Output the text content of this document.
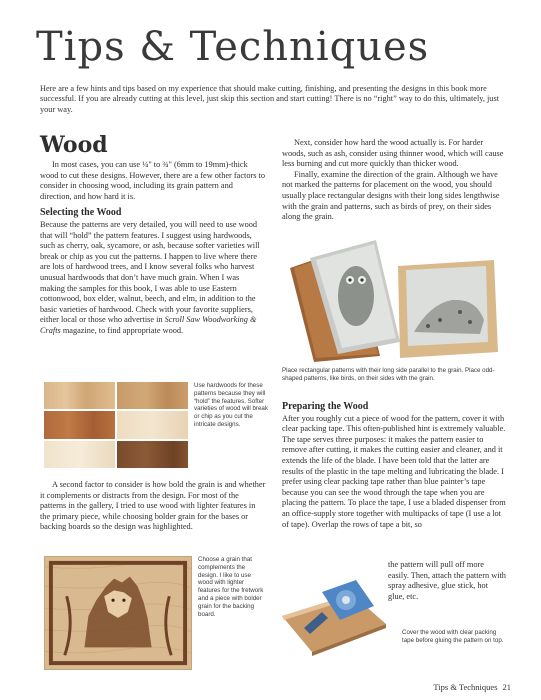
Tips & Techniques

Here are a few hints and tips based on my experience that should make cutting, finishing, and presenting the designs in this book more successful. If you are already cutting at this level, just skip this section and start cutting! There is no “right” way to do this, ultimately, just your way.

Wood

In most cases, you can use ¼" to ¾" (6mm to 19mm)-thick wood to cut these designs. However, there are a few other factors to consider in choosing wood, including its grain pattern and direction, and how hard it is.

Selecting the Wood

Because the patterns are very detailed, you will need to use wood that will “hold” the pattern features. I suggest using hardwoods, such as cherry, oak, sycamore, or ash, because softer varieties will break or chip as you cut the patterns. I happen to live where there are lots of hardwood trees, and I know several folks who harvest unusual hardwoods that don’t have much grain. When I was making the samples for this book, I was able to use Eastern cottonwood, box elder, walnut, beech, and elm, in addition to the basic varieties of hardwood. Check with your favorite suppliers, either local or those who advertise in Scroll Saw Woodworking & Crafts magazine, to find appropriate wood.

Use hardwoods for these patterns because they will “hold” the features. Softer varieties of wood will break or chip as you cut the intricate designs.

A second factor to consider is how bold the grain is and whether it complements or distracts from the design. For most of the patterns in the gallery, I tried to use wood with lighter features in the primary piece, while choosing bolder grain for the bases or backing boards so the design was highlighted.

Choose a grain that complements the design. I like to use wood with lighter features for the fretwork and a piece with bolder grain for the backing board.

Next, consider how hard the wood actually is. For harder woods, such as ash, consider using thinner wood, which will cause less burning and cut more quickly than thicker wood.

Finally, examine the direction of the grain. Although we have not marked the patterns for placement on the wood, you should usually place rectangular designs with their long sides lengthwise with the grain and patterns, such as birds of prey, on their sides along the grain.

Place rectangular patterns with their long side parallel to the grain. Place odd-shaped patterns, like birds, on their sides with the grain.

Preparing the Wood

After you roughly cut a piece of wood for the pattern, cover it with clear packing tape. This often-published hint is extremely valuable. The tape serves three purposes: it makes the pattern easier to remove after cutting, it makes the cutting easier and cleaner, and it extends the life of the blade. I have been told that the latter are results of the plastic in the tape melting and lubricating the blade. I prefer using clear packing tape rather than blue painter’s tape because you can see the wood through the tape when you are placing the pattern. To place the tape, I use a bladed dispenser from an office-supply store together with multipacks of tape (I use a lot of tape). Overlap the rows of tape a bit, so

the pattern will pull off more easily. Then, attach the pattern with spray adhesive, glue stick, hot glue, etc.

Cover the wood with clear packing tape before gluing the pattern on top.

Tips & Techniques 21
